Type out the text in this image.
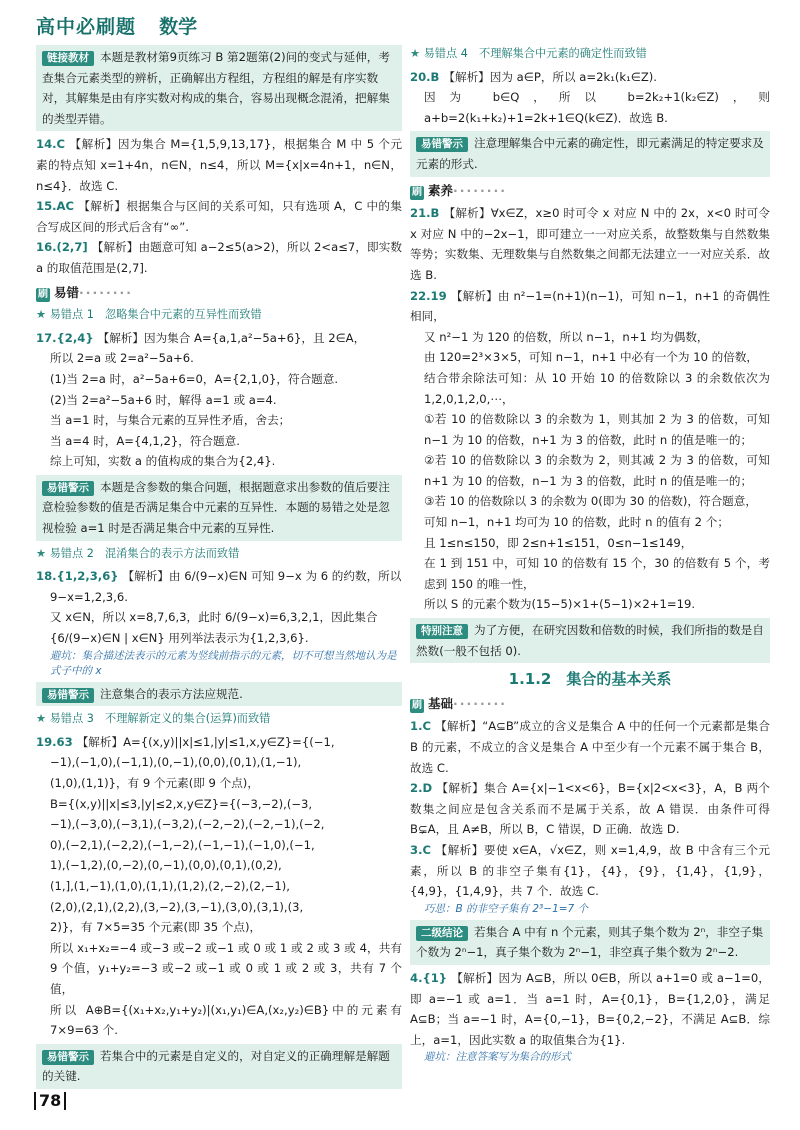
高中必刷题 数学
链接教材 本题是教材第9页练习 B 第2题第(2)问的变式与延伸，考查集合元素类型的辨析，正确解出方程组，方程组的解是有序实数对，其解集是由有序实数对构成的集合，容易出现概念混淆，把解集的类型弄错。

14.C 【解析】因为集合 M={1,5,9,13,17}，根据集合 M 中 5 个元素的特点知 x=1+4n，n∈N，n≤4，所以 M={x|x=4n+1，n∈N，n≤4}．故选 C.

15.AC 【解析】根据集合与区间的关系可知，只有选项 A，C 中的集合写成区间的形式后含有“∞”.

16.(2,7] 【解析】由题意可知 a−2≤5(a>2)，所以 2<a≤7，即实数 a 的取值范围是(2,7].

刷 易错········
★ 易错点 1　忽略集合中元素的互异性而致错

17.{2,4} 【解析】因为集合 A={a,1,a²−5a+6}，且 2∈A，

所以 2=a 或 2=a²−5a+6.

(1)当 2=a 时，a²−5a+6=0，A={2,1,0}，符合题意.

(2)当 2=a²−5a+6 时，解得 a=1 或 a=4.

当 a=1 时，与集合元素的互异性矛盾，舍去；

当 a=4 时，A={4,1,2}，符合题意.

综上可知，实数 a 的值构成的集合为{2,4}.

易错警示 本题是含参数的集合问题，根据题意求出参数的值后要注意检验参数的值是否满足集合中元素的互异性．本题的易错之处是忽视检验 a=1 时是否满足集合中元素的互异性.
★ 易错点 2　混淆集合的表示方法而致错

18.{1,2,3,6} 【解析】由 6/(9−x)∈N 可知 9−x 为 6 的约数，所以

9−x=1,2,3,6.

又 x∈N，所以 x=8,7,6,3，此时 6/(9−x)=6,3,2,1，因此集合

{6/(9−x)∈N | x∈N} 用列举法表示为{1,2,3,6}.

避坑：集合描述法表示的元素为竖线前指示的元素，切不可想当然地认为是式子中的 x

易错警示 注意集合的表示方法应规范.
★ 易错点 3　不理解新定义的集合(运算)而致错

19.63 【解析】A={(x,y)||x|≤1,|y|≤1,x,y∈Z}={(−1,

−1),(−1,0),(−1,1),(0,−1),(0,0),(0,1),(1,−1),

(1,0),(1,1)}，有 9 个元素(即 9 个点)，

B={(x,y)||x|≤3,|y|≤2,x,y∈Z}={(−3,−2),(−3,

−1),(−3,0),(−3,1),(−3,2),(−2,−2),(−2,−1),(−2,

0),(−2,1),(−2,2),(−1,−2),(−1,−1),(−1,0),(−1,

1),(−1,2),(0,−2),(0,−1),(0,0),(0,1),(0,2),

(1,],(1,−1),(1,0),(1,1),(1,2),(2,−2),(2,−1),

(2,0),(2,1),(2,2),(3,−2),(3,−1),(3,0),(3,1),(3,

2)}，有 7×5=35 个元素(即 35 个点)，

所以 x₁+x₂=−4 或−3 或−2 或−1 或 0 或 1 或 2 或 3 或 4，共有 9 个值，y₁+y₂=−3 或−2 或−1 或 0 或 1 或 2 或 3，共有 7 个值，

所以 A⊕B={(x₁+x₂,y₁+y₂)|(x₁,y₁)∈A,(x₂,y₂)∈B}中的元素有 7×9=63 个.

易错警示 若集合中的元素是自定义的，对自定义的正确理解是解题的关键.
★ 易错点 4　不理解集合中元素的确定性而致错

20.B 【解析】因为 a∈P，所以 a=2k₁(k₁∈Z).

因为 b∈Q，所以 b=2k₂+1(k₂∈Z)，则 a+b=2(k₁+k₂)+1=2k+1∈Q(k∈Z)．故选 B.

易错警示 注意理解集合中元素的确定性，即元素满足的特定要求及元素的形式.
刷 素养········

21.B 【解析】∀x∈Z，x≥0 时可令 x 对应 N 中的 2x，x<0 时可令 x 对应 N 中的−2x−1，即可建立一一对应关系，故整数集与自然数集等势；实数集、无理数集与自然数集之间都无法建立一一对应关系．故选 B.

22.19 【解析】由 n²−1=(n+1)(n−1)，可知 n−1，n+1 的奇偶性相同，

又 n²−1 为 120 的倍数，所以 n−1，n+1 均为偶数，

由 120=2³×3×5，可知 n−1，n+1 中必有一个为 10 的倍数，

结合带余除法可知：从 10 开始 10 的倍数除以 3 的余数依次为 1,2,0,1,2,0,⋯，

①若 10 的倍数除以 3 的余数为 1，则其加 2 为 3 的倍数，可知 n−1 为 10 的倍数，n+1 为 3 的倍数，此时 n 的值是唯一的；

②若 10 的倍数除以 3 的余数为 2，则其减 2 为 3 的倍数，可知 n+1 为 10 的倍数，n−1 为 3 的倍数，此时 n 的值是唯一的；

③若 10 的倍数除以 3 的余数为 0(即为 30 的倍数)，符合题意，

可知 n−1，n+1 均可为 10 的倍数，此时 n 的值有 2 个；

且 1≤n≤150，即 2≤n+1≤151，0≤n−1≤149，

在 1 到 151 中，可知 10 的倍数有 15 个，30 的倍数有 5 个，考虑到 150 的唯一性，

所以 S 的元素个数为(15−5)×1+(5−1)×2+1=19.

特别注意 为了方便，在研究因数和倍数的时候，我们所指的数是自然数(一般不包括 0).
1.1.2　集合的基本关系
刷 基础········

1.C 【解析】“A⊆B”成立的含义是集合 A 中的任何一个元素都是集合 B 的元素，不成立的含义是集合 A 中至少有一个元素不属于集合 B，故选 C.

2.D 【解析】集合 A={x|−1<x<6}，B={x|2<x<3}，A，B 两个数集之间应是包含关系而不是属于关系，故 A 错误．由条件可得 B⊊A，且 A≠B，所以 B，C 错误，D 正确．故选 D.

3.C 【解析】要使 x∈A，√x∈Z，则 x=1,4,9，故 B 中含有三个元素，所以 B 的非空子集有{1}，{4}，{9}，{1,4}，{1,9}，{4,9}，{1,4,9}，共 7 个．故选 C.

巧思：B 的非空子集有 2³−1=7 个

二级结论 若集合 A 中有 n 个元素，则其子集个数为 2ⁿ，非空子集个数为 2ⁿ−1，真子集个数为 2ⁿ−1，非空真子集个数为 2ⁿ−2.

4.{1} 【解析】因为 A⊆B，所以 0∈B，所以 a+1=0 或 a−1=0，即 a=−1 或 a=1．当 a=1 时，A={0,1}，B={1,2,0}，满足 A⊆B；当 a=−1 时，A={0,−1}，B={0,2,−2}，不满足 A⊆B．综上，a=1，因此实数 a 的取值集合为{1}.

避坑：注意答案写为集合的形式

78
